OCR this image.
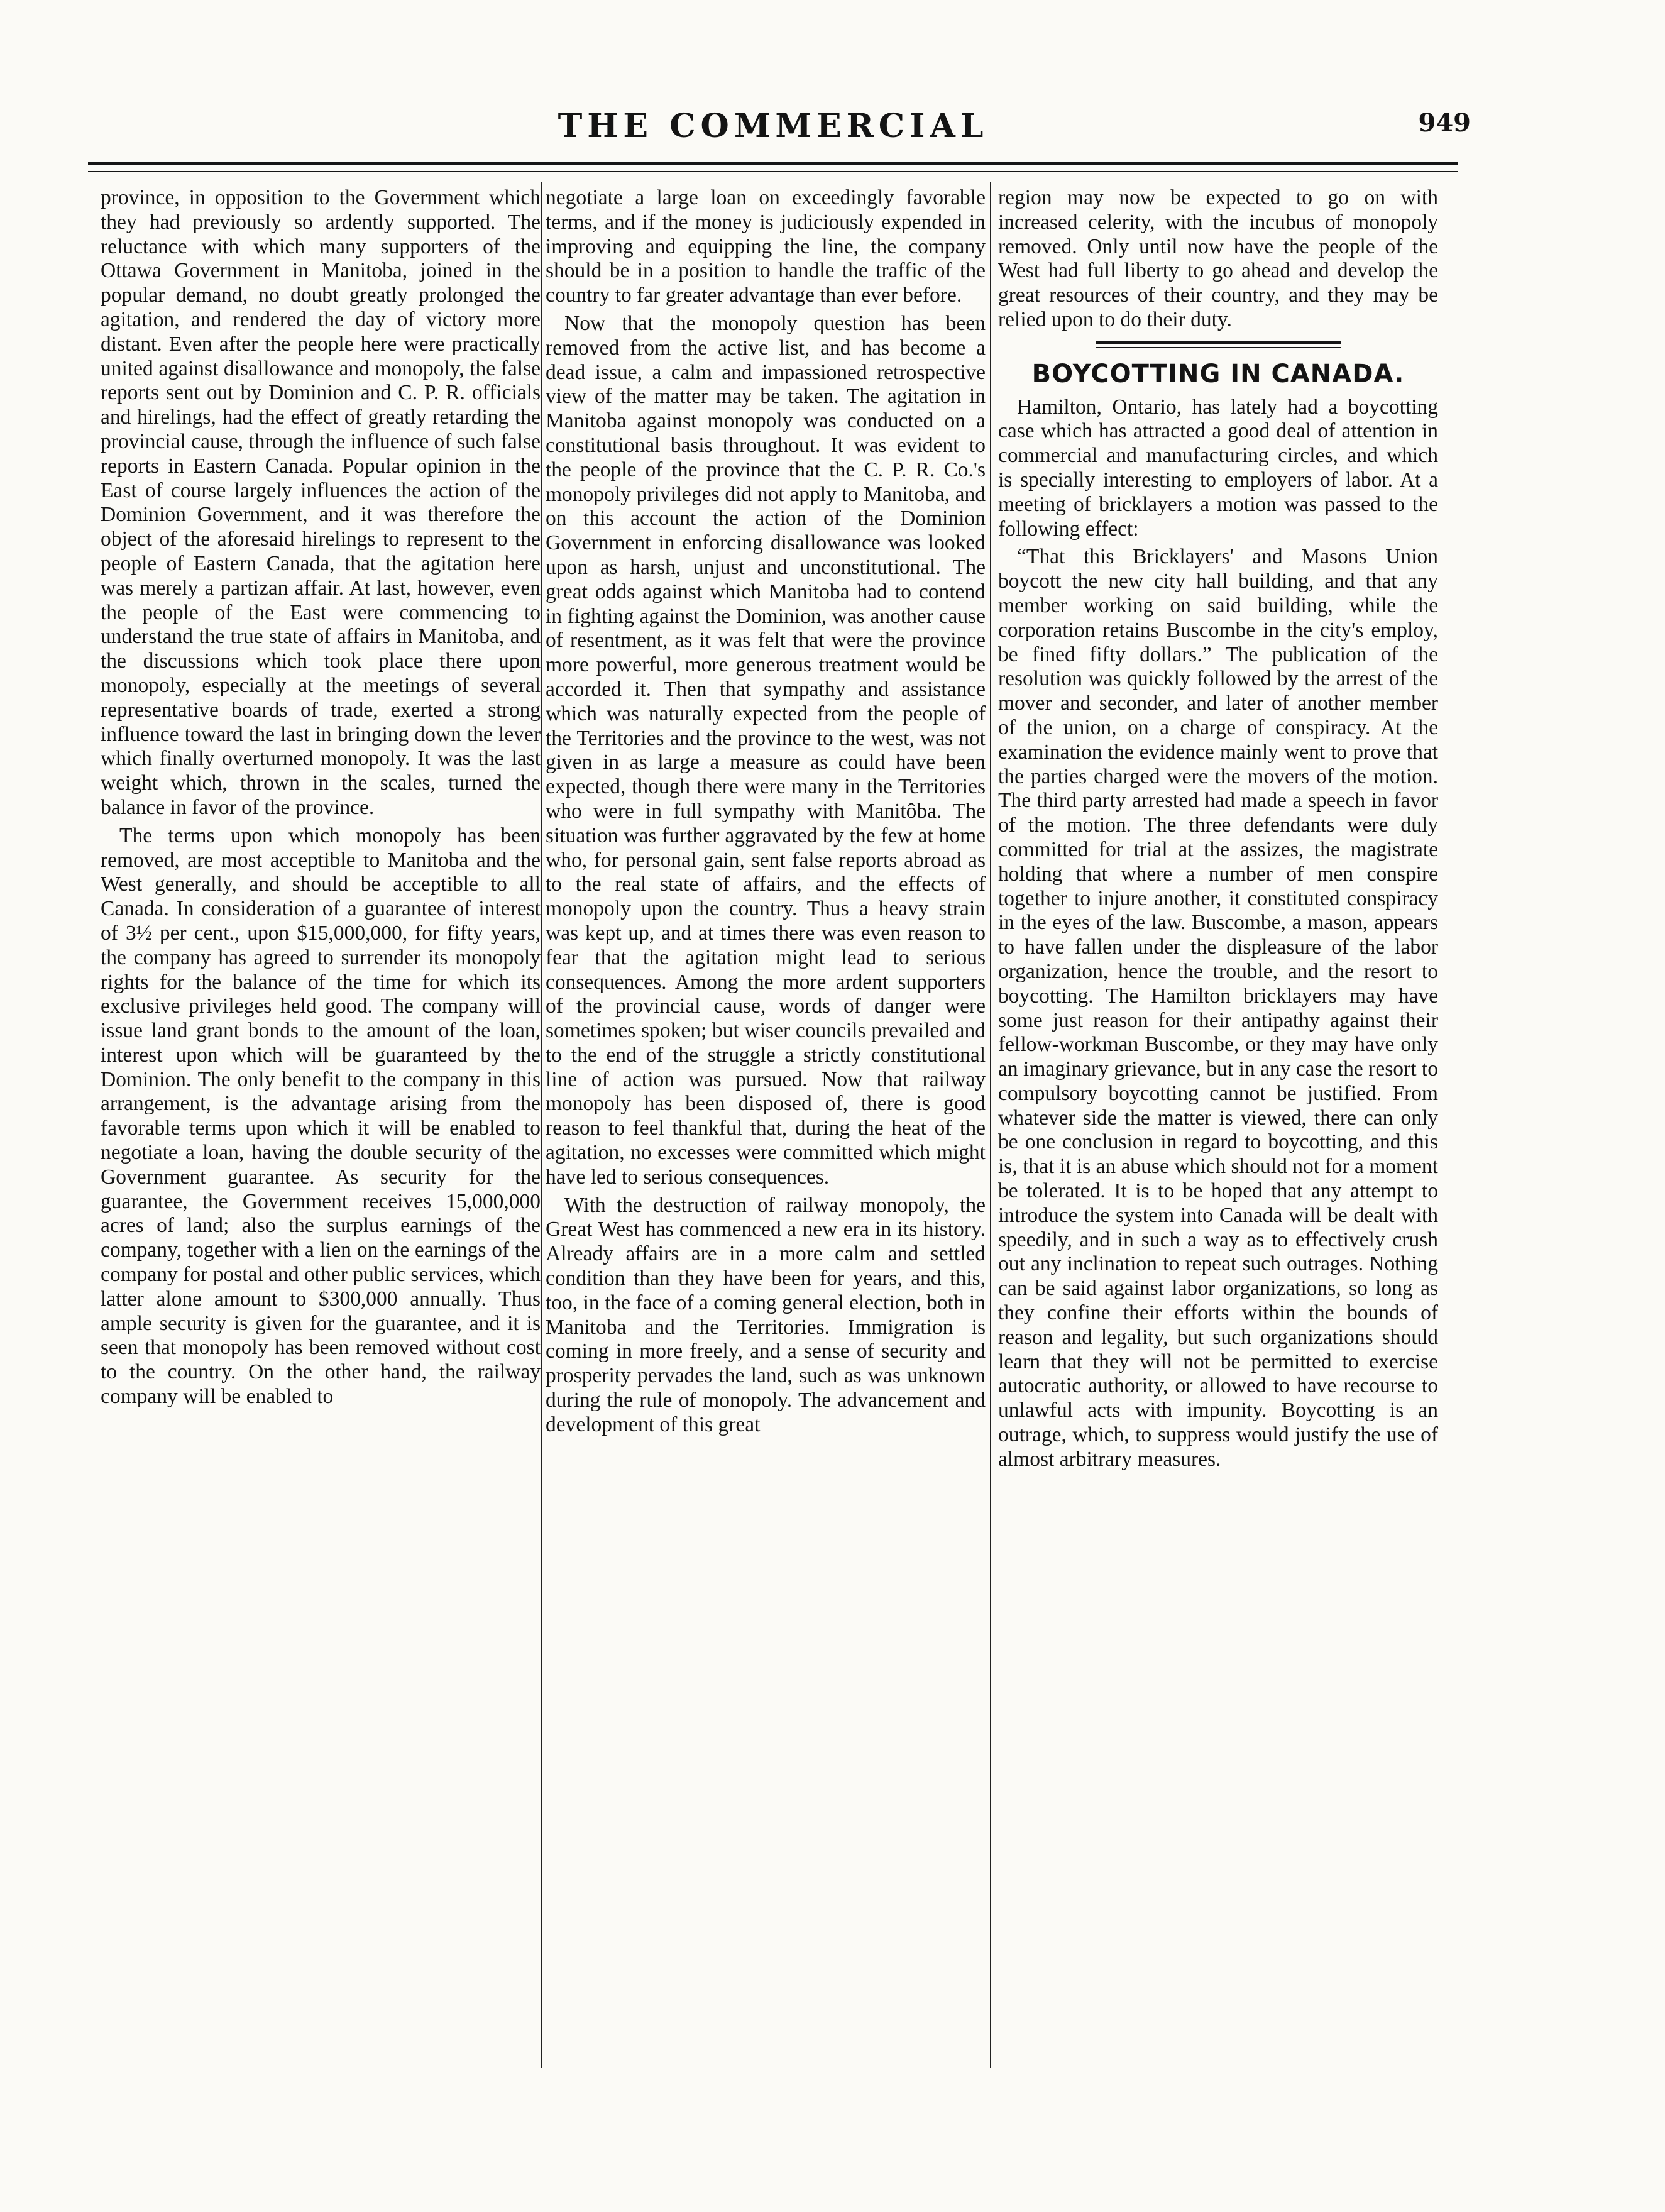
THE COMMERCIAL	949

province, in opposition to the Government which they had previously so ardently supported. The reluctance with which many supporters of the Ottawa Government in Manitoba, joined in the popular demand, no doubt greatly prolonged the agitation, and rendered the day of victory more distant. Even after the people here were practically united against disallowance and monopoly, the false reports sent out by Dominion and C. P. R. officials and hirelings, had the effect of greatly retarding the provincial cause, through the influence of such false reports in Eastern Canada. Popular opinion in the East of course largely influences the action of the Dominion Government, and it was therefore the object of the aforesaid hirelings to represent to the people of Eastern Canada, that the agitation here was merely a partizan affair. At last, however, even the people of the East were commencing to understand the true state of affairs in Manitoba, and the discussions which took place there upon monopoly, especially at the meetings of several representative boards of trade, exerted a strong influence toward the last in bringing down the lever which finally overturned monopoly. It was the last weight which, thrown in the scales, turned the balance in favor of the province.

The terms upon which monopoly has been removed, are most acceptible to Manitoba and the West generally, and should be acceptible to all Canada. In consideration of a guarantee of interest of 3½ per cent., upon $15,000,000, for fifty years, the company has agreed to surrender its monopoly rights for the balance of the time for which its exclusive privileges held good. The company will issue land grant bonds to the amount of the loan, interest upon which will be guaranteed by the Dominion. The only benefit to the company in this arrangement, is the advantage arising from the favorable terms upon which it will be enabled to negotiate a loan, having the double security of the Government guarantee. As security for the guarantee, the Government receives 15,000,000 acres of land; also the surplus earnings of the company, together with a lien on the earnings of the company for postal and other public services, which latter alone amount to $300,000 annually. Thus ample security is given for the guarantee, and it is seen that monopoly has been removed without cost to the country. On the other hand, the railway company will be enabled to

negotiate a large loan on exceedingly favorable terms, and if the money is judiciously expended in improving and equipping the line, the company should be in a position to handle the traffic of the country to far greater advantage than ever before.

Now that the monopoly question has been removed from the active list, and has become a dead issue, a calm and impassioned retrospective view of the matter may be taken. The agitation in Manitoba against monopoly was conducted on a constitutional basis throughout. It was evident to the people of the province that the C. P. R. Co.'s monopoly privileges did not apply to Manitoba, and on this account the action of the Dominion Government in enforcing disallowance was looked upon as harsh, unjust and unconstitutional. The great odds against which Manitoba had to contend in fighting against the Dominion, was another cause of resentment, as it was felt that were the province more powerful, more generous treatment would be accorded it. Then that sympathy and assistance which was naturally expected from the people of the Territories and the province to the west, was not given in as large a measure as could have been expected, though there were many in the Territories who were in full sympathy with Manitôba. The situation was further aggravated by the few at home who, for personal gain, sent false reports abroad as to the real state of affairs, and the effects of monopoly upon the country. Thus a heavy strain was kept up, and at times there was even reason to fear that the agitation might lead to serious consequences. Among the more ardent supporters of the provincial cause, words of danger were sometimes spoken; but wiser councils prevailed and to the end of the struggle a strictly constitutional line of action was pursued. Now that railway monopoly has been disposed of, there is good reason to feel thankful that, during the heat of the agitation, no excesses were committed which might have led to serious consequences.

With the destruction of railway monopoly, the Great West has commenced a new era in its history. Already affairs are in a more calm and settled condition than they have been for years, and this, too, in the face of a coming general election, both in Manitoba and the Territories. Immigration is coming in more freely, and a sense of security and prosperity pervades the land, such as was unknown during the rule of monopoly. The advancement and development of this great

region may now be expected to go on with increased celerity, with the incubus of monopoly removed. Only until now have the people of the West had full liberty to go ahead and develop the great resources of their country, and they may be relied upon to do their duty.

BOYCOTTING IN CANADA.

Hamilton, Ontario, has lately had a boycotting case which has attracted a good deal of attention in commercial and manufacturing circles, and which is specially interesting to employers of labor. At a meeting of bricklayers a motion was passed to the following effect:

“That this Bricklayers' and Masons Union boycott the new city hall building, and that any member working on said building, while the corporation retains Buscombe in the city's employ, be fined fifty dollars.” The publication of the resolution was quickly followed by the arrest of the mover and seconder, and later of another member of the union, on a charge of conspiracy. At the examination the evidence mainly went to prove that the parties charged were the movers of the motion. The third party arrested had made a speech in favor of the motion. The three defendants were duly committed for trial at the assizes, the magistrate holding that where a number of men conspire together to injure another, it constituted conspiracy in the eyes of the law. Buscombe, a mason, appears to have fallen under the displeasure of the labor organization, hence the trouble, and the resort to boycotting. The Hamilton bricklayers may have some just reason for their antipathy against their fellow-workman Buscombe, or they may have only an imaginary grievance, but in any case the resort to compulsory boycotting cannot be justified. From whatever side the matter is viewed, there can only be one conclusion in regard to boycotting, and this is, that it is an abuse which should not for a moment be tolerated. It is to be hoped that any attempt to introduce the system into Canada will be dealt with speedily, and in such a way as to effectively crush out any inclination to repeat such outrages. Nothing can be said against labor organizations, so long as they confine their efforts within the bounds of reason and legality, but such organizations should learn that they will not be permitted to exercise autocratic authority, or allowed to have recourse to unlawful acts with impunity. Boycotting is an outrage, which, to suppress would justify the use of almost arbitrary measures.
